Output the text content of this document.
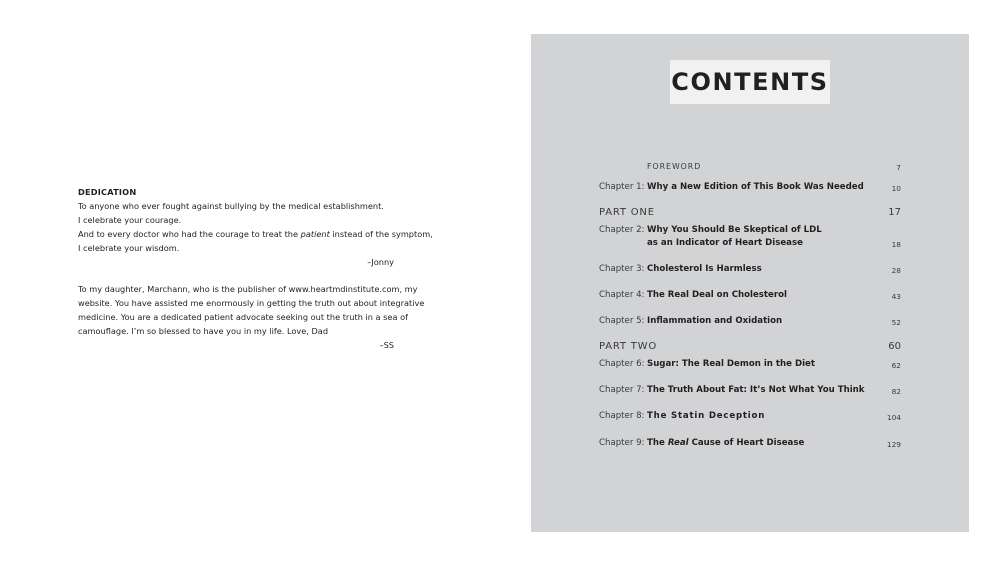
DEDICATION
To anyone who ever fought against bullying by the medical establishment.
I celebrate your courage.
And to every doctor who had the courage to treat the patient instead of the symptom,
I celebrate your wisdom.
–Jonny
To my daughter, Marchann, who is the publisher of www.heartmdinstitute.com, my
website. You have assisted me enormously in getting the truth out about integrative
medicine. You are a dedicated patient advocate seeking out the truth in a sea of
camouflage. I’m so blessed to have you in my life. Love, Dad
–SS
CONTENTS
FOREWORD	7
Chapter 1: Why a New Edition of This Book Was Needed	10
PART ONE	17
Chapter 2: Why You Should Be Skeptical of LDL
as an Indicator of Heart Disease	18
Chapter 3: Cholesterol Is Harmless	28
Chapter 4: The Real Deal on Cholesterol	43
Chapter 5: Inflammation and Oxidation	52
PART TWO	60
Chapter 6: Sugar: The Real Demon in the Diet	62
Chapter 7: The Truth About Fat: It’s Not What You Think	82
Chapter 8: The Statin Deception	104
Chapter 9: The Real Cause of Heart Disease	129
